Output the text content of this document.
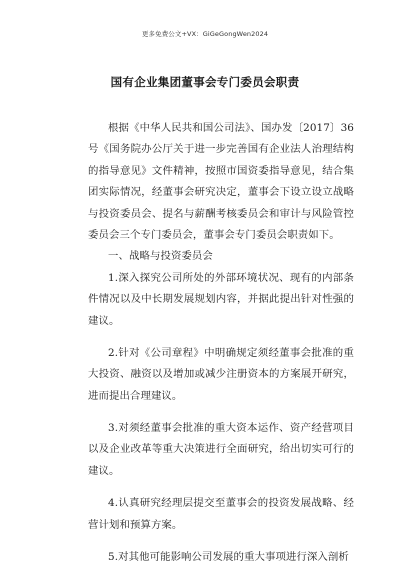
更多免费公文+VX：GiGeGongWen2024
国有企业集团董事会专门委员会职责
根据《中华人民共和国公司法》、国办发〔2017〕36
号《国务院办公厅关于进一步完善国有企业法人治理结构
的指导意见》文件精神，按照市国资委指导意见，结合集
团实际情况，经董事会研究决定，董事会下设立设立战略
与投资委员会、提名与薪酬考核委员会和审计与风险管控
委员会三个专门委员会，董事会专门委员会职责如下。
一、战略与投资委员会
1.深入探究公司所处的外部环境状况、现有的内部条
件情况以及中长期发展规划内容，并据此提出针对性强的
建议。
2.针对《公司章程》中明确规定须经董事会批准的重
大投资、融资以及增加或减少注册资本的方案展开研究，
进而提出合理建议。
3.对须经董事会批准的重大资本运作、资产经营项目
以及企业改革等重大决策进行全面研究，给出切实可行的
建议。
4.认真研究经理层提交至董事会的投资发展战略、经
营计划和预算方案。
5.对其他可能影响公司发展的重大事项进行深入剖析
